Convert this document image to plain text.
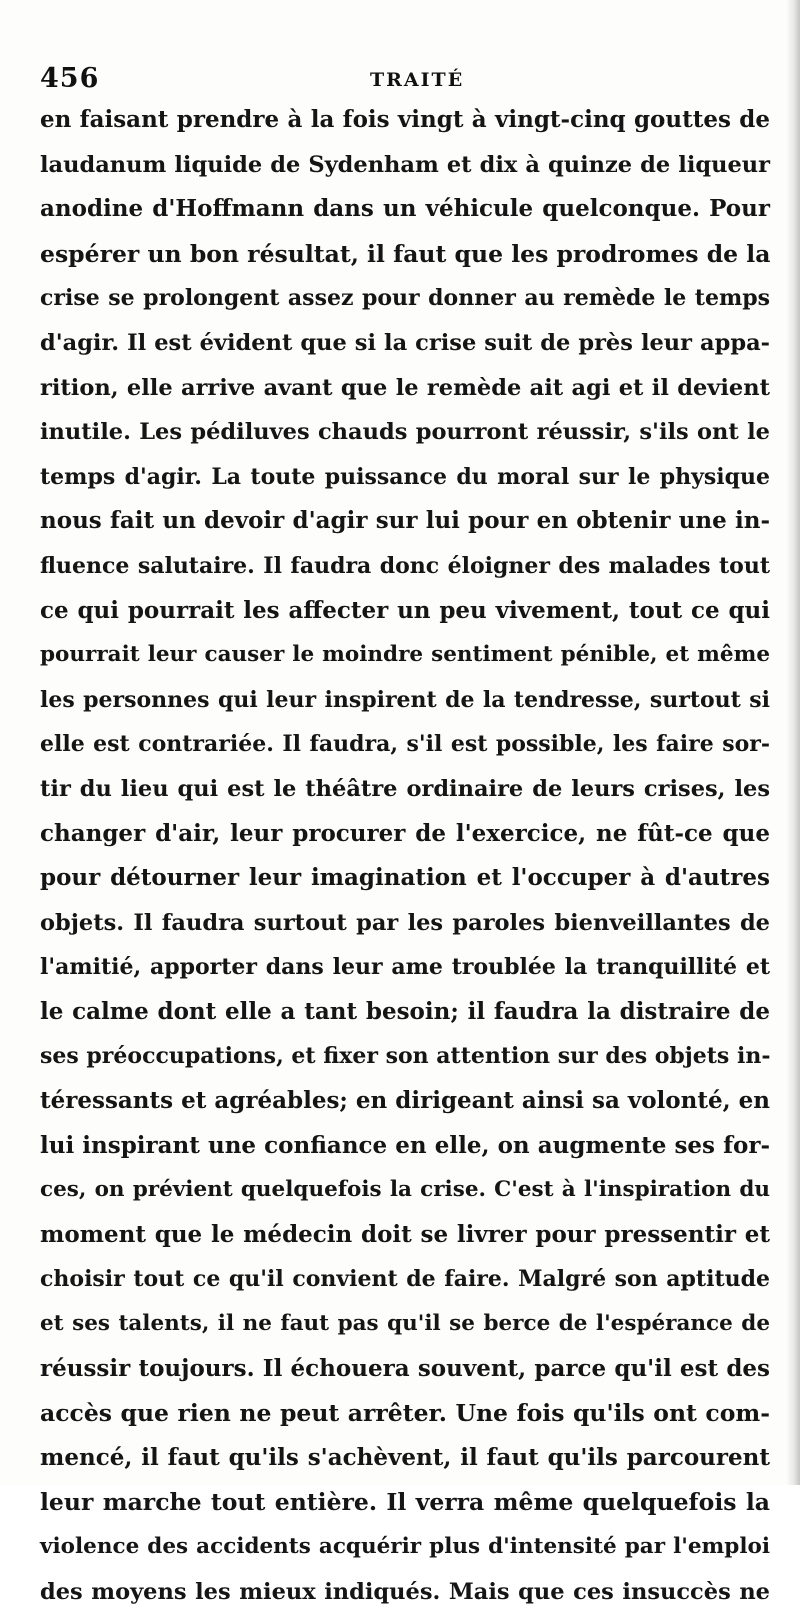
456	TRAITÉ
en faisant prendre à la fois vingt à vingt-cinq gouttes de
laudanum liquide de Sydenham et dix à quinze de liqueur
anodine d'Hoffmann dans un véhicule quelconque. Pour
espérer un bon résultat, il faut que les prodromes de la
crise se prolongent assez pour donner au remède le temps
d'agir. Il est évident que si la crise suit de près leur appa-
rition, elle arrive avant que le remède ait agi et il devient
inutile. Les pédiluves chauds pourront réussir, s'ils ont le
temps d'agir. La toute puissance du moral sur le physique
nous fait un devoir d'agir sur lui pour en obtenir une in-
fluence salutaire. Il faudra donc éloigner des malades tout
ce qui pourrait les affecter un peu vivement, tout ce qui
pourrait leur causer le moindre sentiment pénible, et même
les personnes qui leur inspirent de la tendresse, surtout si
elle est contrariée. Il faudra, s'il est possible, les faire sor-
tir du lieu qui est le théâtre ordinaire de leurs crises, les
changer d'air, leur procurer de l'exercice, ne fût-ce que
pour détourner leur imagination et l'occuper à d'autres
objets. Il faudra surtout par les paroles bienveillantes de
l'amitié, apporter dans leur ame troublée la tranquillité et
le calme dont elle a tant besoin; il faudra la distraire de
ses préoccupations, et fixer son attention sur des objets in-
téressants et agréables; en dirigeant ainsi sa volonté, en
lui inspirant une confiance en elle, on augmente ses for-
ces, on prévient quelquefois la crise. C'est à l'inspiration du
moment que le médecin doit se livrer pour pressentir et
choisir tout ce qu'il convient de faire. Malgré son aptitude
et ses talents, il ne faut pas qu'il se berce de l'espérance de
réussir toujours. Il échouera souvent, parce qu'il est des
accès que rien ne peut arrêter. Une fois qu'ils ont com-
mencé, il faut qu'ils s'achèvent, il faut qu'ils parcourent
leur marche tout entière. Il verra même quelquefois la
violence des accidents acquérir plus d'intensité par l'emploi
des moyens les mieux indiqués. Mais que ces insuccès ne
